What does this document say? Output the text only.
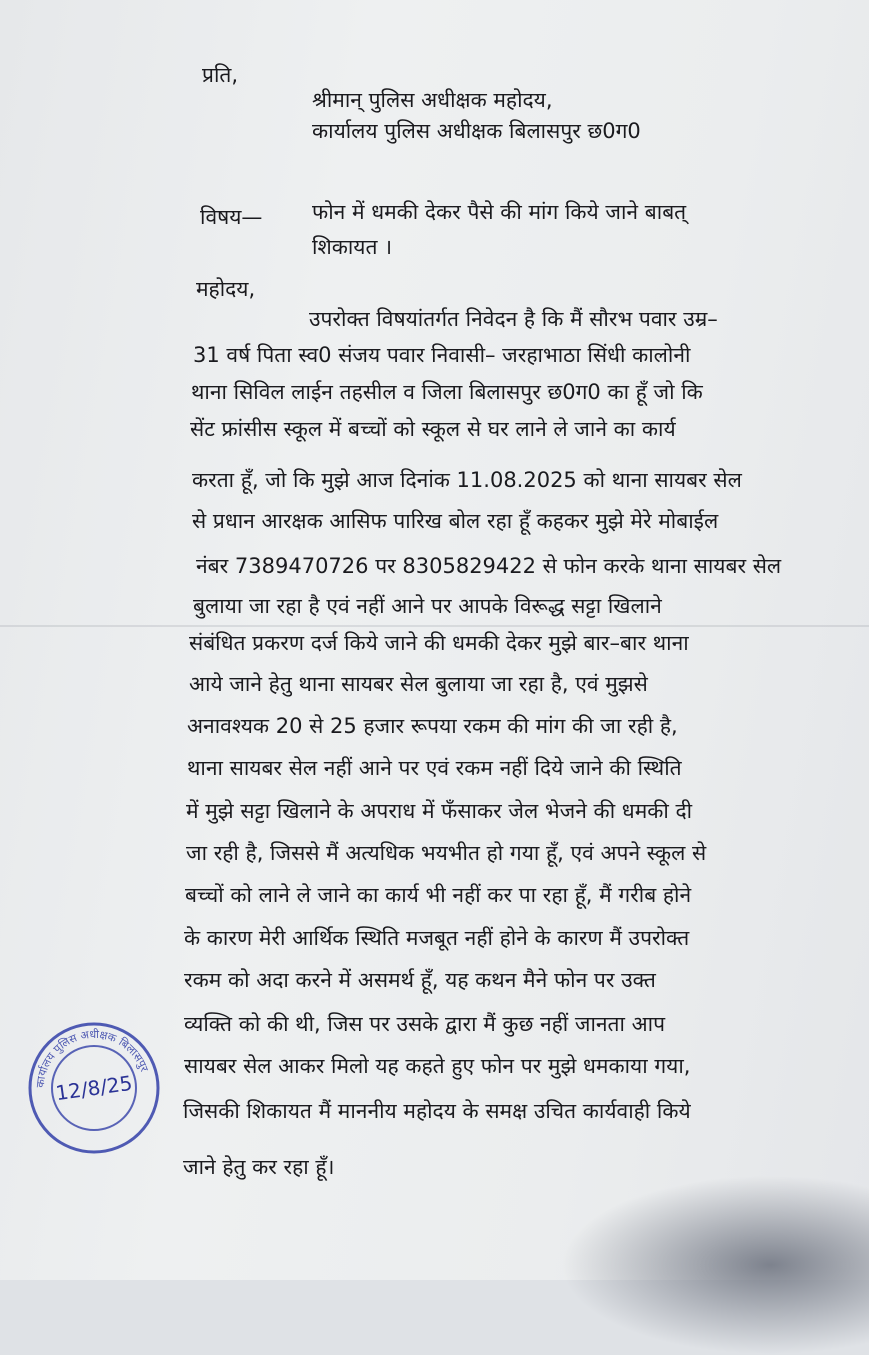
प्रति,

श्रीमान् पुलिस अधीक्षक महोदय,

कार्यालय पुलिस अधीक्षक बिलासपुर छ0ग0

विषय— फोन में धमकी देकर पैसे की मांग किये जाने बाबत्

शिकायत ।

महोदय,

उपरोक्त विषयांतर्गत निवेदन है कि मैं सौरभ पवार उम्र–

31 वर्ष पिता स्व0 संजय पवार निवासी– जरहाभाठा सिंधी कालोनी

थाना सिविल लाईन तहसील व जिला बिलासपुर छ0ग0 का हूँ जो कि

सेंट फ्रांसीस स्कूल में बच्चों को स्कूल से घर लाने ले जाने का कार्य

करता हूँ, जो कि मुझे आज दिनांक 11.08.2025 को थाना सायबर सेल

से प्रधान आरक्षक आसिफ पारिख बोल रहा हूँ कहकर मुझे मेरे मोबाईल

नंबर 7389470726 पर 8305829422 से फोन करके थाना सायबर सेल

बुलाया जा रहा है एवं नहीं आने पर आपके विरूद्ध सट्टा खिलाने

संबंधित प्रकरण दर्ज किये जाने की धमकी देकर मुझे बार–बार थाना

आये जाने हेतु थाना सायबर सेल बुलाया जा रहा है, एवं मुझसे

अनावश्यक 20 से 25 हजार रूपया रकम की मांग की जा रही है,

थाना सायबर सेल नहीं आने पर एवं रकम नहीं दिये जाने की स्थिति

में मुझे सट्टा खिलाने के अपराध में फँसाकर जेल भेजने की धमकी दी

जा रही है, जिससे मैं अत्यधिक भयभीत हो गया हूँ, एवं अपने स्कूल से

बच्चों को लाने ले जाने का कार्य भी नहीं कर पा रहा हूँ, मैं गरीब होने

के कारण मेरी आर्थिक स्थिति मजबूत नहीं होने के कारण मैं उपरोक्त

रकम को अदा करने में असमर्थ हूँ, यह कथन मैने फोन पर उक्त

व्यक्ति को की थी, जिस पर उसके द्वारा मैं कुछ नहीं जानता आप

सायबर सेल आकर मिलो यह कहते हुए फोन पर मुझे धमकाया गया,

जिसकी शिकायत मैं माननीय महोदय के समक्ष उचित कार्यवाही किये

जाने हेतु कर रहा हूँ।

कार्यालय पुलिस अधीक्षक बिलासपुर
12/8/25
